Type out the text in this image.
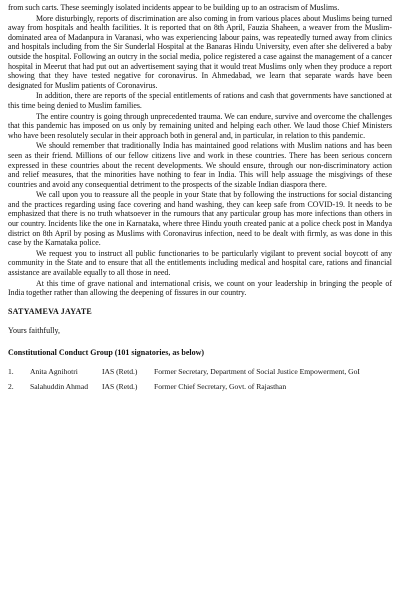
from such carts. These seemingly isolated incidents appear to be building up to an ostracism of Muslims.

More disturbingly, reports of discrimination are also coming in from various places about Muslims being turned away from hospitals and health facilities. It is reported that on 8th April, Fauzia Shaheen, a weaver from the Muslim-dominated area of Madanpura in Varanasi, who was experiencing labour pains, was repeatedly turned away from clinics and hospitals including from the Sir Sunderlal Hospital at the Banaras Hindu University, even after she delivered a baby outside the hospital. Following an outcry in the social media, police registered a case against the management of a cancer hospital in Meerut that had put out an advertisement saying that it would treat Muslims only when they produce a report showing that they have tested negative for coronavirus. In Ahmedabad, we learn that separate wards have been designated for Muslim patients of Coronavirus.

In addition, there are reports of the special entitlements of rations and cash that governments have sanctioned at this time being denied to Muslim families.

The entire country is going through unprecedented trauma. We can endure, survive and overcome the challenges that this pandemic has imposed on us only by remaining united and helping each other. We laud those Chief Ministers who have been resolutely secular in their approach both in general and, in particular, in relation to this pandemic.

We should remember that traditionally India has maintained good relations with Muslim nations and has been seen as their friend. Millions of our fellow citizens live and work in these countries. There has been serious concern expressed in these countries about the recent developments. We should ensure, through our non-discriminatory action and relief measures, that the minorities have nothing to fear in India. This will help assuage the misgivings of these countries and avoid any consequential detriment to the prospects of the sizable Indian diaspora there.

We call upon you to reassure all the people in your State that by following the instructions for social distancing and the practices regarding using face covering and hand washing, they can keep safe from COVID-19. It needs to be emphasized that there is no truth whatsoever in the rumours that any particular group has more infections than others in our country. Incidents like the one in Karnataka, where three Hindu youth created panic at a police check post in Mandya district on 8th April by posing as Muslims with Coronavirus infection, need to be dealt with firmly, as was done in this case by the Karnataka police.

We request you to instruct all public functionaries to be particularly vigilant to prevent social boycott of any community in the State and to ensure that all the entitlements including medical and hospital care, rations and financial assistance are available equally to all those in need.

At this time of grave national and international crisis, we count on your leadership in bringing the people of India together rather than allowing the deepening of fissures in our country.

SATYAMEVA JAYATE
Yours faithfully,
Constitutional Conduct Group (101 signatories, as below)
1.	Anita Agnihotri	IAS (Retd.)	Former Secretary, Department of Social Justice Empowerment, GoI
2.	Salahuddin Ahmad	IAS (Retd.)	Former Chief Secretary, Govt. of Rajasthan
